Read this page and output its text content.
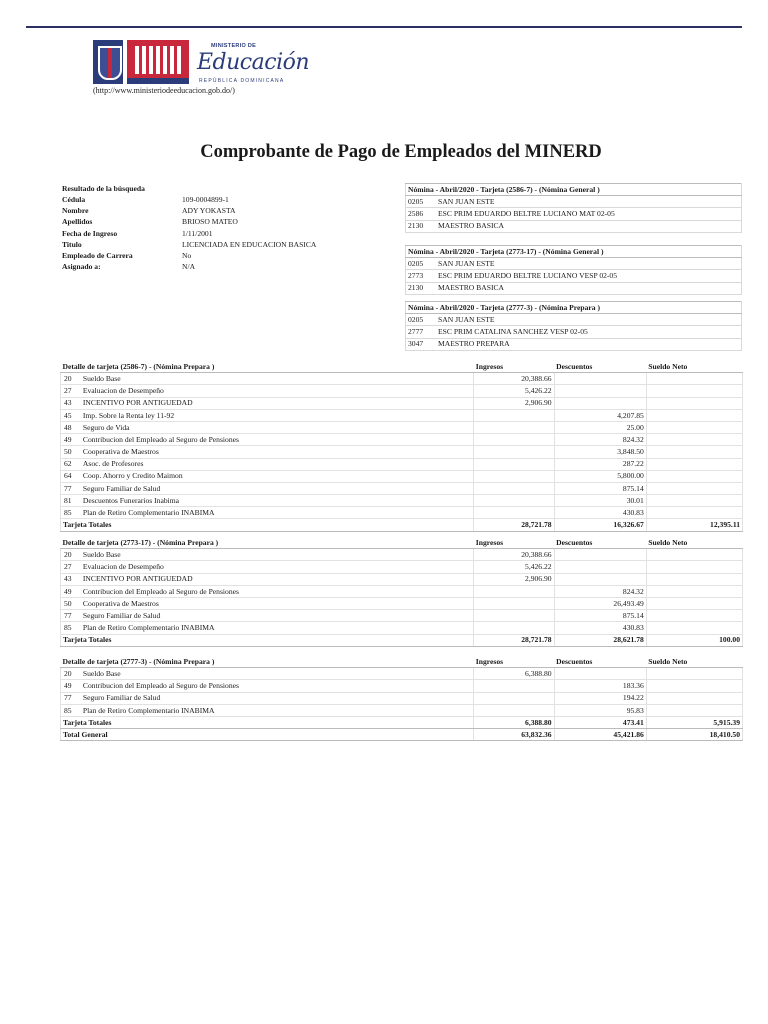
MINISTERIO DE
Educación
REPÚBLICA DOMINICANA
(http://www.ministeriodeeducacion.gob.do/)
Comprobante de Pago de Empleados del MINERD
Resultado de la búsqueda	
Cédula	109-0004899-1
Nombre	ADY YOKASTA
Apellidos	BRIOSO MATEO
Fecha de Ingreso	1/11/2001
Titulo	LICENCIADA EN EDUCACION BASICA
Empleado de Carrera	No
Asignado a:	N/A
Nómina - Abril/2020 - Tarjeta (2586-7) - (Nómina General )	
0205	SAN JUAN ESTE
2586	ESC PRIM EDUARDO BELTRE LUCIANO MAT 02-05
2130	MAESTRO BASICA
Nómina - Abril/2020 - Tarjeta (2773-17) - (Nómina General )	
0205	SAN JUAN ESTE
2773	ESC PRIM EDUARDO BELTRE LUCIANO VESP 02-05
2130	MAESTRO BASICA
Nómina - Abril/2020 - Tarjeta (2777-3) - (Nómina Prepara )	
0205	SAN JUAN ESTE
2777	ESC PRIM CATALINA SANCHEZ VESP 02-05
3047	MAESTRO PREPARA
Detalle de tarjeta (2586-7) - (Nómina Prepara )		Ingresos	Descuentos	Sueldo Neto
20	Sueldo Base	20,388.66		
27	Evaluacion de Desempeño	5,426.22		
43	INCENTIVO POR ANTIGUEDAD	2,906.90		
45	Imp. Sobre la Renta ley 11-92		4,207.85	
48	Seguro de Vida		25.00	
49	Contribucion del Empleado al Seguro de Pensiones		824.32	
50	Cooperativa de Maestros		3,848.50	
62	Asoc. de Profesores		287.22	
64	Coop. Ahorro y Credito Maimon		5,800.00	
77	Seguro Familiar de Salud		875.14	
81	Descuentos Funerarios Inabima		30.01	
85	Plan de Retiro Complementario INABIMA		430.83	
Tarjeta Totales		28,721.78	16,326.67	12,395.11
Detalle de tarjeta (2773-17) - (Nómina Prepara )		Ingresos	Descuentos	Sueldo Neto
20	Sueldo Base	20,388.66		
27	Evaluacion de Desempeño	5,426.22		
43	INCENTIVO POR ANTIGUEDAD	2,906.90		
49	Contribucion del Empleado al Seguro de Pensiones		824.32	
50	Cooperativa de Maestros		26,493.49	
77	Seguro Familiar de Salud		875.14	
85	Plan de Retiro Complementario INABIMA		430.83	
Tarjeta Totales		28,721.78	28,621.78	100.00
Detalle de tarjeta (2777-3) - (Nómina Prepara )		Ingresos	Descuentos	Sueldo Neto
20	Sueldo Base	6,388.80		
49	Contribucion del Empleado al Seguro de Pensiones		183.36	
77	Seguro Familiar de Salud		194.22	
85	Plan de Retiro Complementario INABIMA		95.83	
Tarjeta Totales		6,388.80	473.41	5,915.39
Total General		63,832.36	45,421.86	18,410.50
